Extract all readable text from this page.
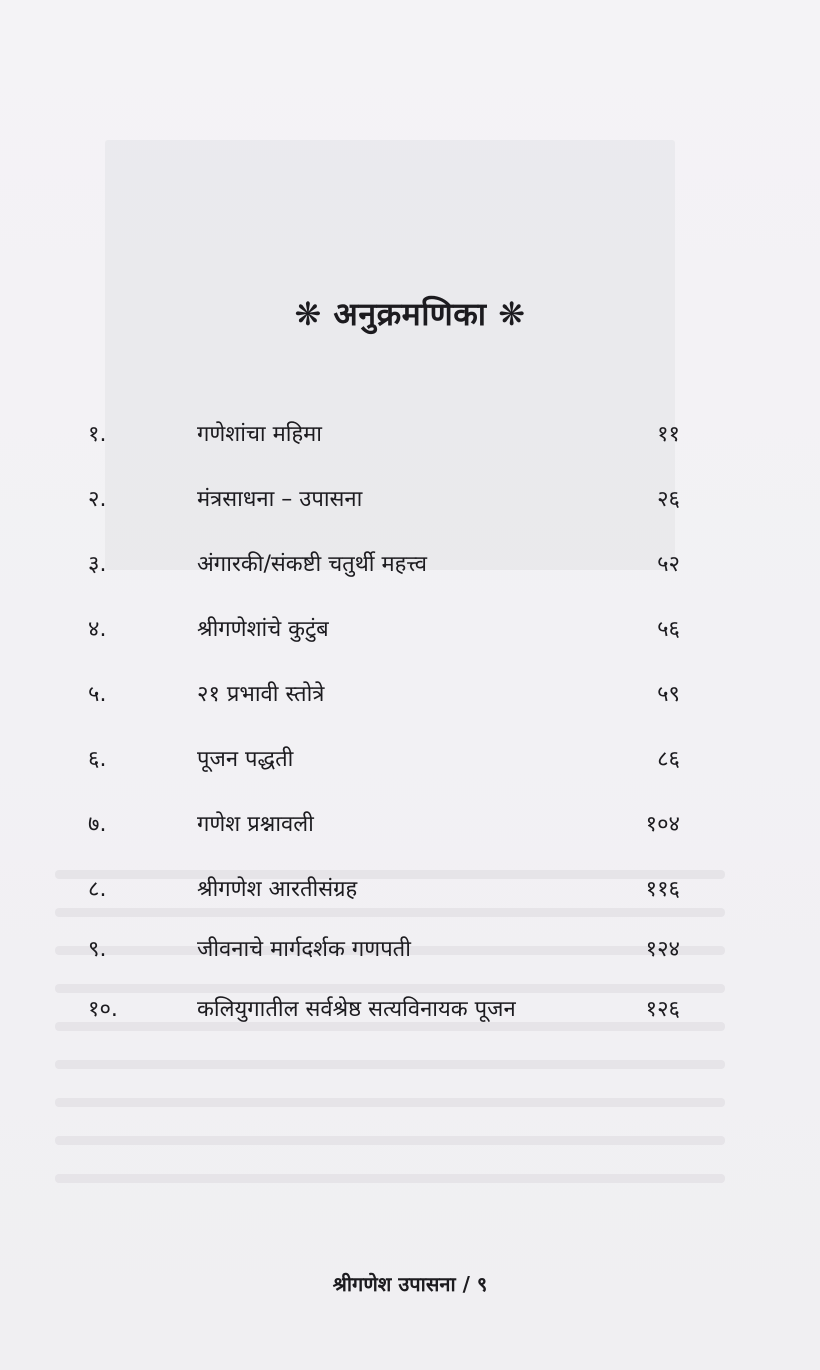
❋ अनुक्रमणिका ❋
१.	गणेशांचा महिमा	११
२.	मंत्रसाधना – उपासना	२६
३.	अंगारकी/संकष्टी चतुर्थी महत्त्व	५२
४.	श्रीगणेशांचे कुटुंब	५६
५.	२१ प्रभावी स्तोत्रे	५९
६.	पूजन पद्धती	८६
७.	गणेश प्रश्नावली	१०४
८.	श्रीगणेश आरतीसंग्रह	११६
९.	जीवनाचे मार्गदर्शक गणपती	१२४
१०.	कलियुगातील सर्वश्रेष्ठ सत्यविनायक पूजन	१२६
श्रीगणेश उपासना / ९
